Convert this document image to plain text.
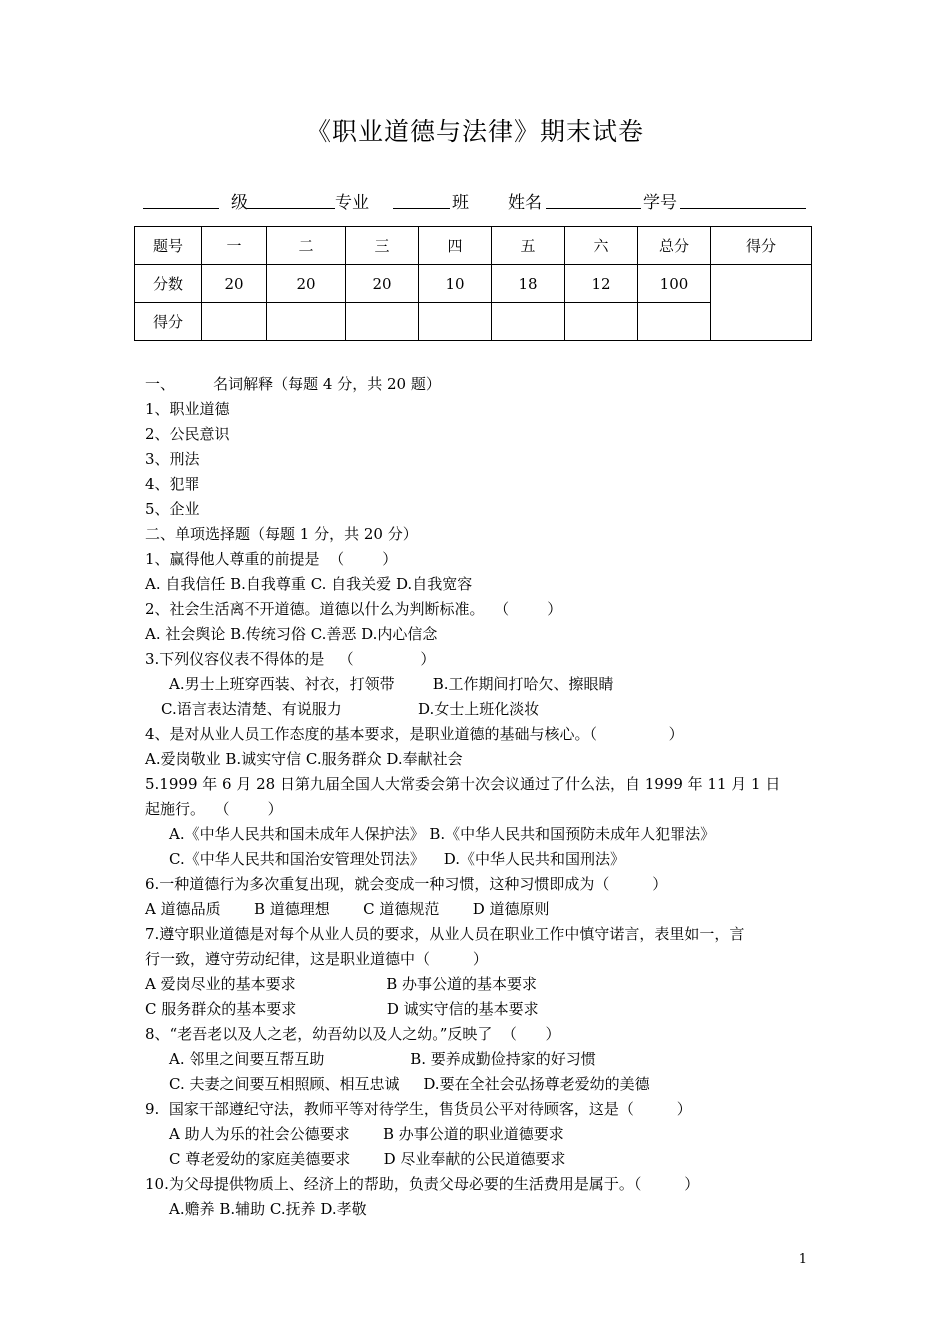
《职业道德与法律》期末试卷
级	专业	班 姓名	学号
题号	一	二	三	四	五	六	总分	得分
分数	20	20	20	10	18	12	100	
得分								
一、        名词解释（每题 4 分，共 20 题）
1、职业道德
2、公民意识
3、刑法
4、犯罪
5、企业
二、单项选择题（每题 1 分，共 20 分）
1、赢得他人尊重的前提是  （        ）
A. 自我信任 B.自我尊重 C. 自我关爱 D.自我宽容
2、社会生活离不开道德。道德以什么为判断标准。  （        ）
A. 社会舆论 B.传统习俗 C.善恶 D.内心信念
3.下列仪容仪表不得体的是   （              ）
A.男士上班穿西装、衬衣，打领带        B.工作期间打哈欠、擦眼睛
C.语言表达清楚、有说服力                D.女士上班化淡妆
4、是对从业人员工作态度的基本要求，是职业道德的基础与核心。（               ）
A.爱岗敬业 B.诚实守信 C.服务群众 D.奉献社会
5.1999 年 6 月 28 日第九届全国人大常委会第十次会议通过了什么法，自 1999 年 11 月 1 日
起施行。  （        ）
A.《中华人民共和国未成年人保护法》 B.《中华人民共和国预防未成年人犯罪法》
C.《中华人民共和国治安管理处罚法》    D.《中华人民共和国刑法》
6.一种道德行为多次重复出现，就会变成一种习惯，这种习惯即成为（         ）
A 道德品质       B 道德理想       C 道德规范       D 道德原则
7.遵守职业道德是对每个从业人员的要求，从业人员在职业工作中慎守诺言，表里如一，言
行一致，遵守劳动纪律，这是职业道德中（         ）
A 爱岗尽业的基本要求                   B 办事公道的基本要求
C 服务群众的基本要求                   D 诚实守信的基本要求
8、“老吾老以及人之老，幼吾幼以及人之幼。”反映了  （      ）
A. 邻里之间要互帮互助                  B. 要养成勤俭持家的好习惯
C. 夫妻之间要互相照顾、相互忠诚     D.要在全社会弘扬尊老爱幼的美德
9.  国家干部遵纪守法，教师平等对待学生，售货员公平对待顾客，这是（         ）
A 助人为乐的社会公德要求       B 办事公道的职业道德要求
C 尊老爱幼的家庭美德要求       D 尽业奉献的公民道德要求
10.为父母提供物质上、经济上的帮助，负责父母必要的生活费用是属于。（         ）
A.赡养 B.辅助 C.抚养 D.孝敬
1
